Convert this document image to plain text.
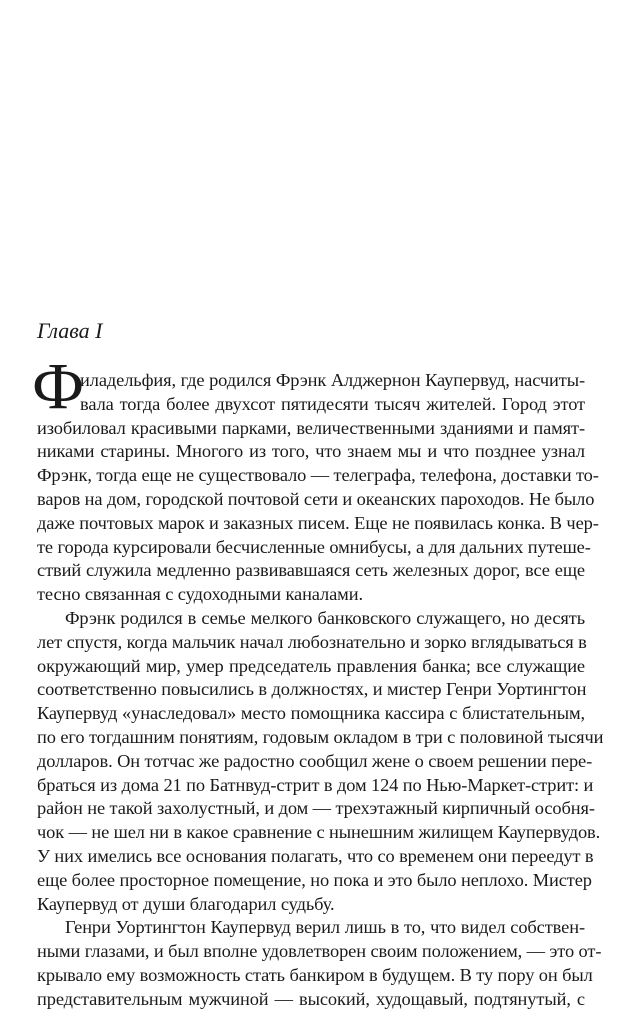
Глава I
Ф
иладельфия, где родился Фрэнк Алджернон Каупервуд, насчиты-
вала тогда более двухсот пятидесяти тысяч жителей. Город этот
изобиловал красивыми парками, величественными зданиями и памят-
никами старины. Многого из того, что знаем мы и что позднее узнал
Фрэнк, тогда еще не существовало — телеграфа, телефона, доставки то-
варов на дом, городской почтовой сети и океанских пароходов. Не было
даже почтовых марок и заказных писем. Еще не появилась конка. В чер-
те города курсировали бесчисленные омнибусы, а для дальних путеше-
ствий служила медленно развивавшаяся сеть железных дорог, все еще
тесно связанная с судоходными каналами.
Фрэнк родился в семье мелкого банковского служащего, но десять
лет спустя, когда мальчик начал любознательно и зорко вглядываться в
окружающий мир, умер председатель правления банка; все служащие
соответственно повысились в должностях, и мистер Генри Уортингтон
Каупервуд «унаследовал» место помощника кассира с блистательным,
по его тогдашним понятиям, годовым окладом в три с половиной тысячи
долларов. Он тотчас же радостно сообщил жене о своем решении пере-
браться из дома 21 по Батнвуд-стрит в дом 124 по Нью-Маркет-стрит: и
район не такой захолустный, и дом — трехэтажный кирпичный особня-
чок — не шел ни в какое сравнение с нынешним жилищем Каупервудов.
У них имелись все основания полагать, что со временем они переедут в
еще более просторное помещение, но пока и это было неплохо. Мистер
Каупервуд от души благодарил судьбу.
Генри Уортингтон Каупервуд верил лишь в то, что видел собствен-
ными глазами, и был вполне удовлетворен своим положением, — это от-
крывало ему возможность стать банкиром в будущем. В ту пору он был
представительным мужчиной — высокий, худощавый, подтянутый, с
